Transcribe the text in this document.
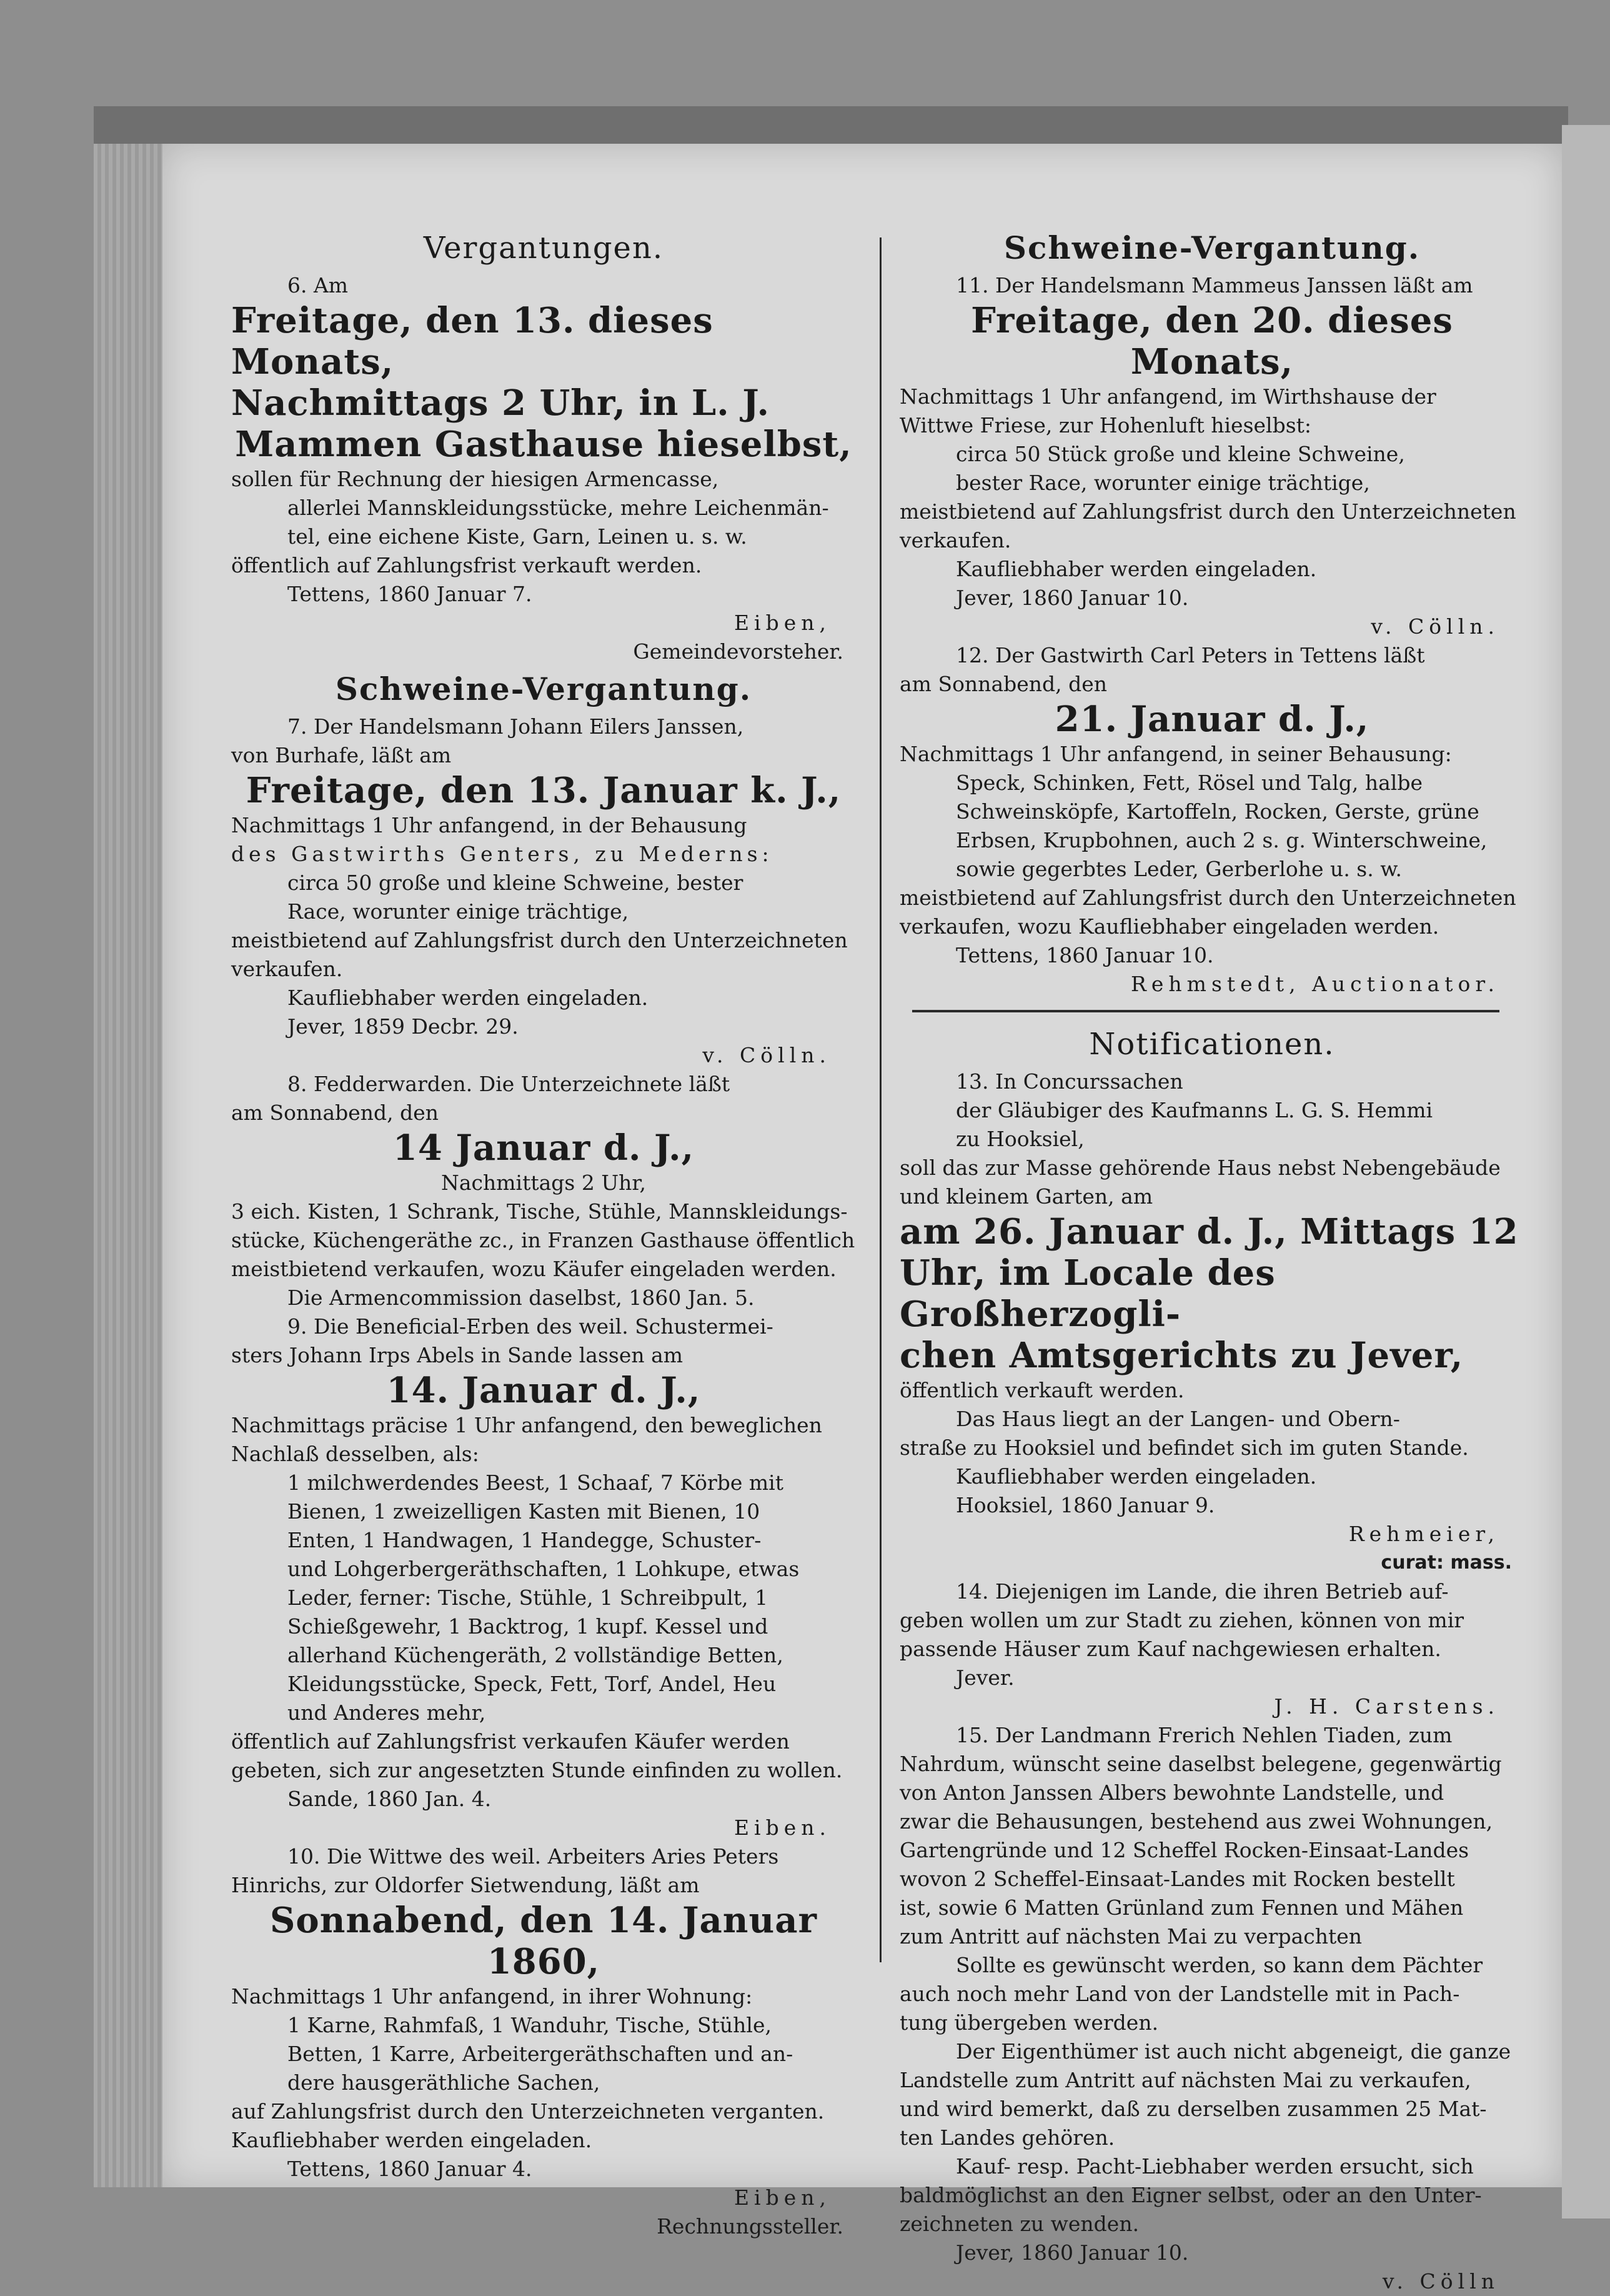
Vergantungen.

6. Am

Freitage, den 13. dieses Monats,

Nachmittags 2 Uhr, in L. J.

Mammen Gasthause hieselbst,

sollen für Rechnung der hiesigen Armencasse,

allerlei Mannskleidungsstücke, mehre Leichenmän-

tel, eine eichene Kiste, Garn, Leinen u. s. w.

öffentlich auf Zahlungsfrist verkauft werden.

Tettens, 1860 Januar 7.

Eiben,

Gemeindevorsteher.

Schweine-Vergantung.

7. Der Handelsmann Johann Eilers Janssen,

von Burhafe, läßt am

Freitage, den 13. Januar k. J.,

Nachmittags 1 Uhr anfangend, in der Behausung

des Gastwirths Genters, zu Mederns:

circa 50 große und kleine Schweine, bester

Race, worunter einige trächtige,

meistbietend auf Zahlungsfrist durch den Unterzeichneten

verkaufen.

Kaufliebhaber werden eingeladen.

Jever, 1859 Decbr. 29.

v. Cölln.

8. Fedderwarden. Die Unterzeichnete läßt

am Sonnabend, den

14 Januar d. J.,

Nachmittags 2 Uhr,

3 eich. Kisten, 1 Schrank, Tische, Stühle, Mannskleidungs-

stücke, Küchengeräthe zc., in Franzen Gasthause öffentlich

meistbietend verkaufen, wozu Käufer eingeladen werden.

Die Armencommission daselbst, 1860 Jan. 5.

9. Die Beneficial-Erben des weil. Schustermei-

sters Johann Irps Abels in Sande lassen am

14. Januar d. J.,

Nachmittags präcise 1 Uhr anfangend, den beweglichen

Nachlaß desselben, als:

1 milchwerdendes Beest, 1 Schaaf, 7 Körbe mit

Bienen, 1 zweizelligen Kasten mit Bienen, 10

Enten, 1 Handwagen, 1 Handegge, Schuster-

und Lohgerbergeräthschaften, 1 Lohkupe, etwas

Leder, ferner: Tische, Stühle, 1 Schreibpult, 1

Schießgewehr, 1 Backtrog, 1 kupf. Kessel und

allerhand Küchengeräth, 2 vollständige Betten,

Kleidungsstücke, Speck, Fett, Torf, Andel, Heu

und Anderes mehr,

öffentlich auf Zahlungsfrist verkaufen Käufer werden

gebeten, sich zur angesetzten Stunde einfinden zu wollen.

Sande, 1860 Jan. 4.

Eiben.

10. Die Wittwe des weil. Arbeiters Aries Peters

Hinrichs, zur Oldorfer Sietwendung, läßt am

Sonnabend, den 14. Januar 1860,

Nachmittags 1 Uhr anfangend, in ihrer Wohnung:

1 Karne, Rahmfaß, 1 Wanduhr, Tische, Stühle,

Betten, 1 Karre, Arbeitergeräthschaften und an-

dere hausgeräthliche Sachen,

auf Zahlungsfrist durch den Unterzeichneten verganten.

Kaufliebhaber werden eingeladen.

Tettens, 1860 Januar 4.

Eiben,

Rechnungssteller.

Schweine-Vergantung.

11. Der Handelsmann Mammeus Janssen läßt am

Freitage, den 20. dieses Monats,

Nachmittags 1 Uhr anfangend, im Wirthshause der

Wittwe Friese, zur Hohenluft hieselbst:

circa 50 Stück große und kleine Schweine,

bester Race, worunter einige trächtige,

meistbietend auf Zahlungsfrist durch den Unterzeichneten

verkaufen.

Kaufliebhaber werden eingeladen.

Jever, 1860 Januar 10.

v. Cölln.

12. Der Gastwirth Carl Peters in Tettens läßt

am Sonnabend, den

21. Januar d. J.,

Nachmittags 1 Uhr anfangend, in seiner Behausung:

Speck, Schinken, Fett, Rösel und Talg, halbe

Schweinsköpfe, Kartoffeln, Rocken, Gerste, grüne

Erbsen, Krupbohnen, auch 2 s. g. Winterschweine,

sowie gegerbtes Leder, Gerberlohe u. s. w.

meistbietend auf Zahlungsfrist durch den Unterzeichneten

verkaufen, wozu Kaufliebhaber eingeladen werden.

Tettens, 1860 Januar 10.

Rehmstedt, Auctionator.

Notificationen.

13. In Concurssachen

der Gläubiger des Kaufmanns L. G. S. Hemmi

zu Hooksiel,

soll das zur Masse gehörende Haus nebst Nebengebäude

und kleinem Garten, am

am 26. Januar d. J., Mittags 12

Uhr, im Locale des Großherzogli-

chen Amtsgerichts zu Jever,

öffentlich verkauft werden.

Das Haus liegt an der Langen- und Obern-

straße zu Hooksiel und befindet sich im guten Stande.

Kaufliebhaber werden eingeladen.

Hooksiel, 1860 Januar 9.

Rehmeier,

curat: mass.

14. Diejenigen im Lande, die ihren Betrieb auf-

geben wollen um zur Stadt zu ziehen, können von mir

passende Häuser zum Kauf nachgewiesen erhalten.

Jever.

J. H. Carstens.

15. Der Landmann Frerich Nehlen Tiaden, zum

Nahrdum, wünscht seine daselbst belegene, gegenwärtig

von Anton Janssen Albers bewohnte Landstelle, und

zwar die Behausungen, bestehend aus zwei Wohnungen,

Gartengründe und 12 Scheffel Rocken-Einsaat-Landes

wovon 2 Scheffel-Einsaat-Landes mit Rocken bestellt

ist, sowie 6 Matten Grünland zum Fennen und Mähen

zum Antritt auf nächsten Mai zu verpachten

Sollte es gewünscht werden, so kann dem Pächter

auch noch mehr Land von der Landstelle mit in Pach-

tung übergeben werden.

Der Eigenthümer ist auch nicht abgeneigt, die ganze

Landstelle zum Antritt auf nächsten Mai zu verkaufen,

und wird bemerkt, daß zu derselben zusammen 25 Mat-

ten Landes gehören.

Kauf- resp. Pacht-Liebhaber werden ersucht, sich

baldmöglichst an den Eigner selbst, oder an den Unter-

zeichneten zu wenden.

Jever, 1860 Januar 10.

v. Cölln
